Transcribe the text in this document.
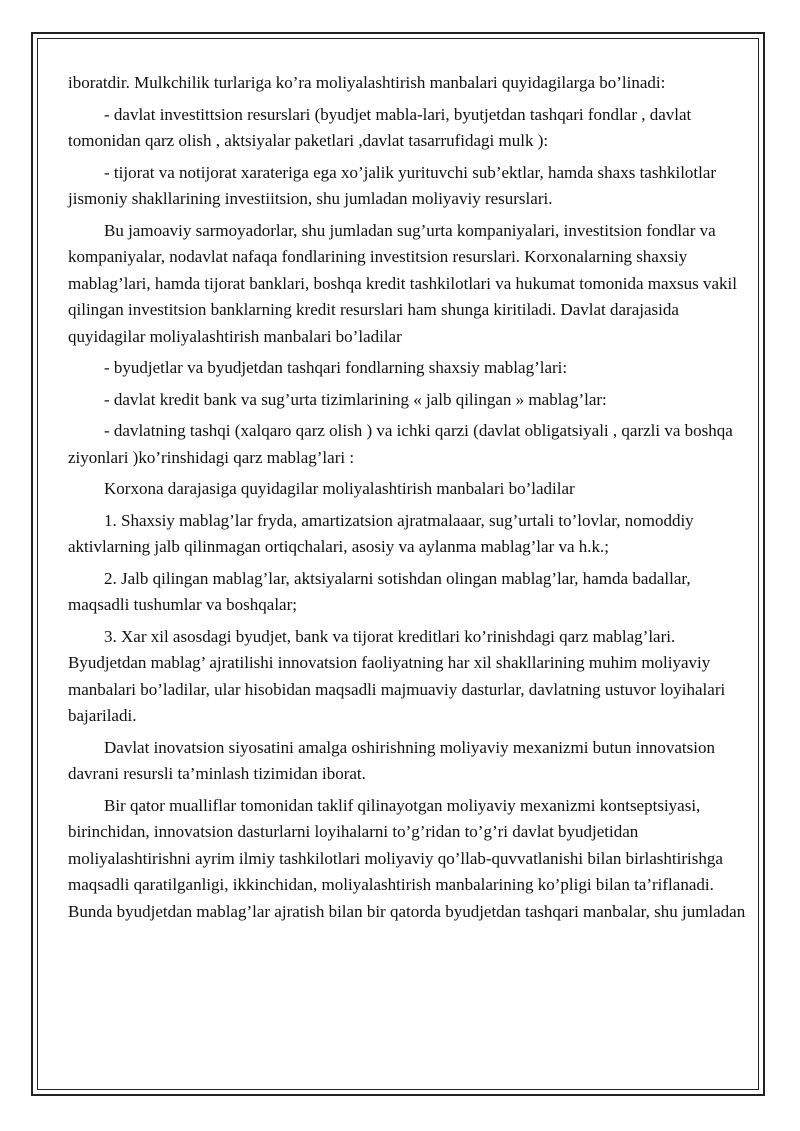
iboratdir. Mulkchilik turlariga ko’ra moliyalashtirish manbalari quyidagilarga bo’linadi:

- davlat investittsion resurslari (byudjet mabla-lari, byutjetdan tashqari fondlar , davlat tomonidan qarz olish , aktsiyalar paketlari ,davlat tasarrufidagi mulk ):

- tijorat va notijorat xarateriga ega xo’jalik yurituvchi sub’ektlar, hamda shaxs tashkilotlar jismoniy shakllarining investiitsion, shu jumladan moliyaviy resurslari.

Bu jamoaviy sarmoyadorlar, shu jumladan sug’urta kompaniyalari, investitsion fondlar va kompaniyalar, nodavlat nafaqa fondlarining investitsion resurslari. Korxonalarning shaxsiy mablag’lari, hamda tijorat banklari, boshqa kredit tashkilotlari va hukumat tomonida maxsus vakil qilingan investitsion banklarning kredit resurslari ham shunga kiritiladi. Davlat darajasida quyidagilar moliyalashtirish manbalari bo’ladilar

- byudjetlar va byudjetdan tashqari fondlarning shaxsiy mablag’lari:

- davlat kredit bank va sug’urta tizimlarining « jalb qilingan » mablag’lar:

- davlatning tashqi (xalqaro qarz olish ) va ichki qarzi (davlat obligatsiyali , qarzli va boshqa ziyonlari )ko’rinshidagi qarz mablag’lari :

Korxona darajasiga quyidagilar moliyalashtirish manbalari bo’ladilar

1. Shaxsiy mablag’lar fryda, amartizatsion ajratmalaaar, sug’urtali to’lovlar, nomoddiy aktivlarning jalb qilinmagan ortiqchalari, asosiy va aylanma mablag’lar va h.k.;

2. Jalb qilingan mablag’lar, aktsiyalarni sotishdan olingan mablag’lar, hamda badallar, maqsadli tushumlar va boshqalar;

3. Xar xil asosdagi byudjet, bank va tijorat kreditlari ko’rinishdagi qarz mablag’lari. Byudjetdan mablag’ ajratilishi innovatsion faoliyatning har xil shakllarining muhim moliyaviy manbalari bo’ladilar, ular hisobidan maqsadli majmuaviy dasturlar, davlatning ustuvor loyihalari bajariladi.

Davlat inovatsion siyosatini amalga oshirishning moliyaviy mexanizmi butun innovatsion davrani resursli ta’minlash tizimidan iborat.

Bir qator mualliflar tomonidan taklif qilinayotgan moliyaviy mexanizmi kontseptsiyasi, birinchidan, innovatsion dasturlarni loyihalarni to’g’ridan to’g’ri davlat byudjetidan moliyalashtirishni ayrim ilmiy tashkilotlari moliyaviy qo’llab-quvvatlanishi bilan birlashtirishga maqsadli qaratilganligi, ikkinchidan, moliyalashtirish manbalarining ko’pligi bilan ta’riflanadi. Bunda byudjetdan mablag’lar ajratish bilan bir qatorda byudjetdan tashqari manbalar, shu jumladan
